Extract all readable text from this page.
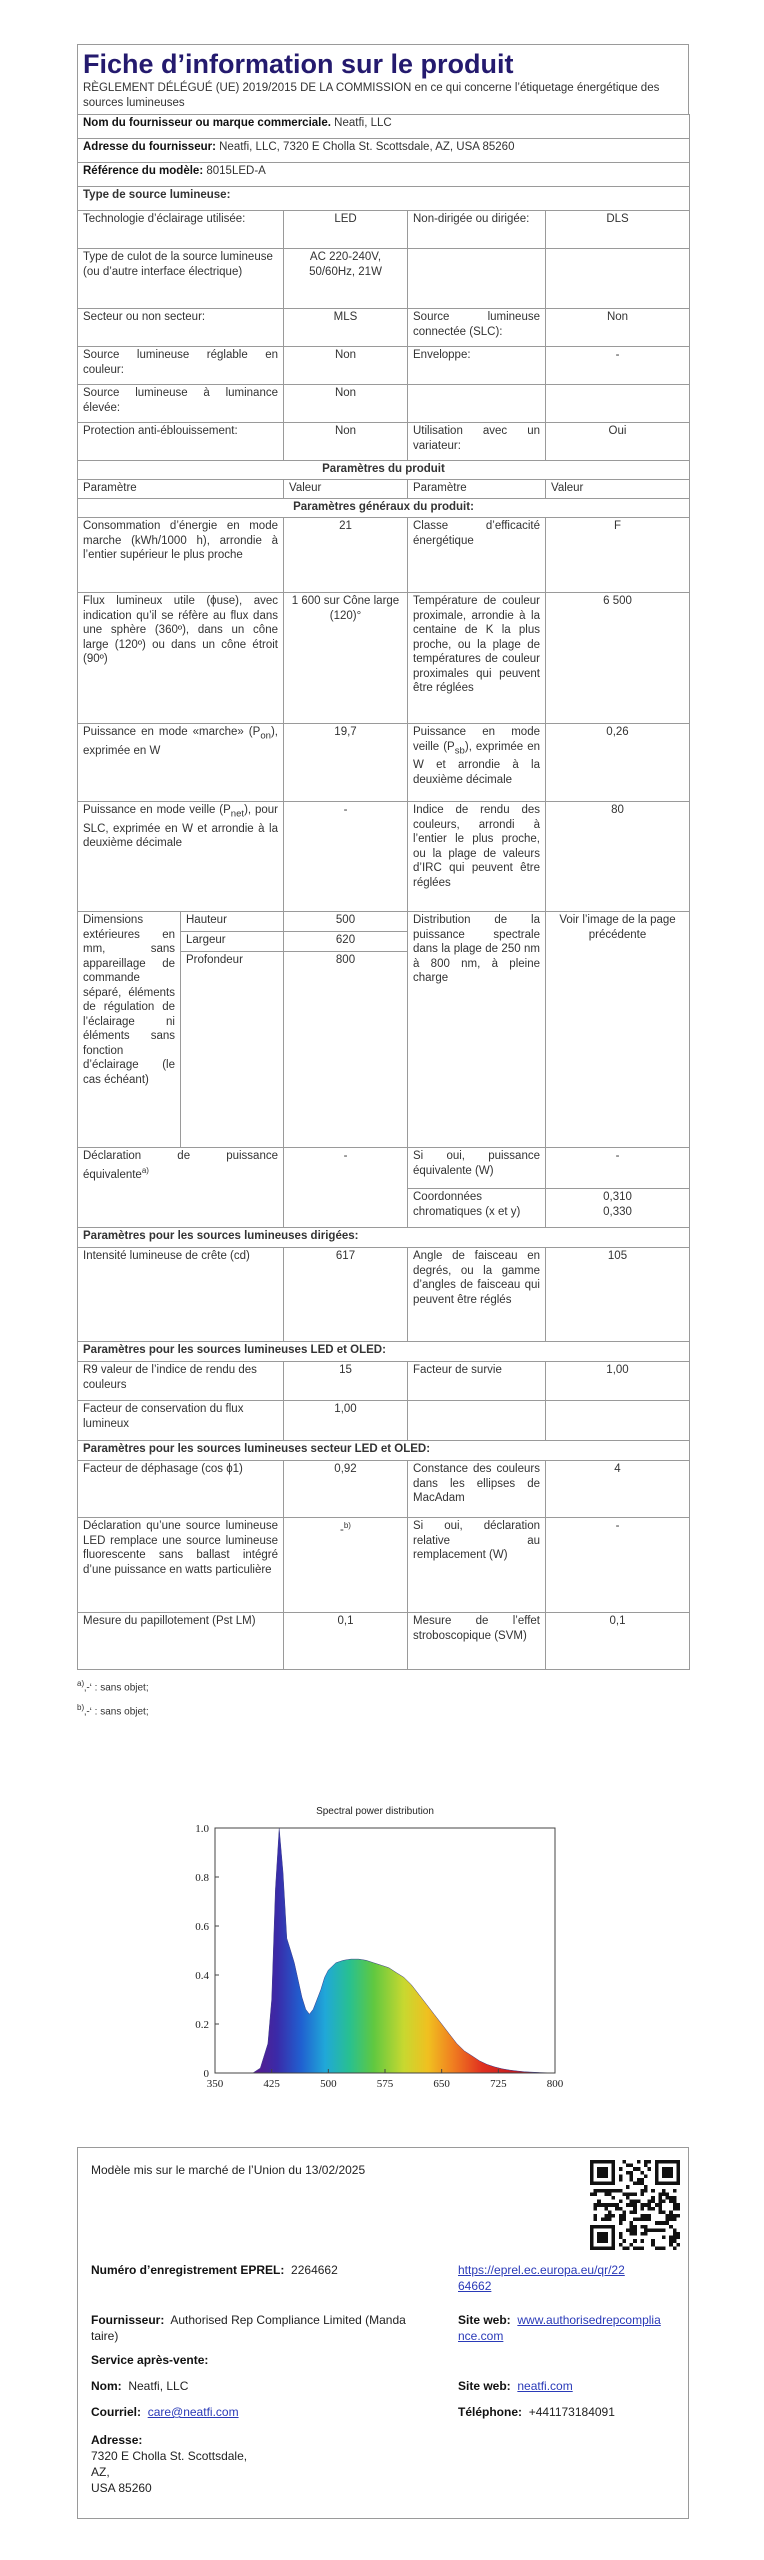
Fiche d’information sur le produit
RÈGLEMENT DÉLÉGUÉ (UE) 2019/2015 DE LA COMMISSION en ce qui concerne l’étiquetage énergétique des sources lumineuses
Nom du fournisseur ou marque commerciale. Neatfi, LLC				
Adresse du fournisseur: Neatfi, LLC, 7320 E Cholla St. Scottsdale, AZ, USA 85260				
Référence du modèle: 8015LED-A				
Type de source lumineuse:				
Technologie d’éclairage utilisée:		LED	Non-dirigée ou dirigée:	DLS
Type de culot de la source lumineuse
(ou d’autre interface électrique)		AC 220-240V, 50/60Hz, 21W		
Secteur ou non secteur:		MLS	Source lumineuse connectée (SLC):	Non
Source lumineuse réglable en couleur:		Non	Enveloppe:	-
Source lumineuse à luminance élevée:		Non		
Protection anti-éblouissement:		Non	Utilisation avec un variateur:	Oui
Paramètres du produit				
Paramètre		Valeur	Paramètre	Valeur
Paramètres généraux du produit:				
Consommation d’énergie en mode marche (kWh/1000 h), arrondie à l’entier supérieur le plus proche		21	Classe d’efficacité énergétique	F
Flux lumineux utile (ϕuse), avec indication qu’il se réfère au flux dans une sphère (360º), dans un cône large (120º) ou dans un cône étroit (90º)		1 600 sur Cône large (120)°	Température de couleur proximale, arrondie à la centaine de K la plus proche, ou la plage de températures de couleur proximales qui peuvent être réglées	6 500
Puissance en mode «marche» $(P_{on})$, exprimée en W		19,7	Puissance en mode veille $(P_{sb})$, exprimée en W et arrondie à la deuxième décimale	0,26
Puissance en mode veille $(P_{net})$, pour SLC, exprimée en W et arrondie à la deuxième décimale		-	Indice de rendu des couleurs, arrondi à l’entier le plus proche, ou la plage de valeurs d’IRC qui peuvent être réglées	80
Dimensions extérieures en mm, sans appareillage de commande séparé, éléments de régulation de l’éclairage ni éléments sans fonction d’éclairage (le cas échéant)	Hauteur	500	Distribution de la puissance spectrale dans la plage de 250 nm à 800 nm, à pleine charge	Voir l’image de la page précédente
	Largeur	620		
	Profondeur	800		
Déclaration de puissance équivalente$^{a)}$		-	Si oui, puissance équivalente (W)	-
			Coordonnées chromatiques (x et y)	0,310
0,330
Paramètres pour les sources lumineuses dirigées:				
Intensité lumineuse de crête (cd)		617	Angle de faisceau en degrés, ou la gamme d’angles de faisceau qui peuvent être réglés	105
Paramètres pour les sources lumineuses LED et OLED:				
R9 valeur de l’indice de rendu des couleurs		15	Facteur de survie	1,00
Facteur de conservation du flux lumineux		1,00		
Paramètres pour les sources lumineuses secteur LED et OLED:				
Facteur de déphasage (cos ϕ1)		0,92	Constance des couleurs dans les ellipses de MacAdam	4
Déclaration qu’une source lumineuse LED remplace une source lumineuse fluorescente sans ballast intégré d’une puissance en watts particulière		-$^{b)}$	Si oui, déclaration relative au remplacement (W)	-
Mesure du papillotement (Pst LM)		0,1	Mesure de l’effet stroboscopique (SVM)	0,1
$^{a)}$‚-‘ : sans objet;
$^{b)}$‚-‘ : sans objet;
Spectral power distribution
350	425	500	575	650	725	800
0
0.2
0.4
0.6
0.8
1.0
Modèle mis sur le marché de l’Union du 13/02/2025
Numéro d’enregistrement EPREL: 2264662	https://eprel.ec.europa.eu/qr/22
64662
Fournisseur: Authorised Rep Compliance Limited (Manda
taire)
Site web: www.authorisedrepcomplia
nce.com
Service après-vente:
Nom: Neatfi, LLC	Site web: neatfi.com
Courriel: care@neatfi.com	Téléphone: +441173184091
Adresse:
7320 E Cholla St. Scottsdale,
AZ,
USA 85260
